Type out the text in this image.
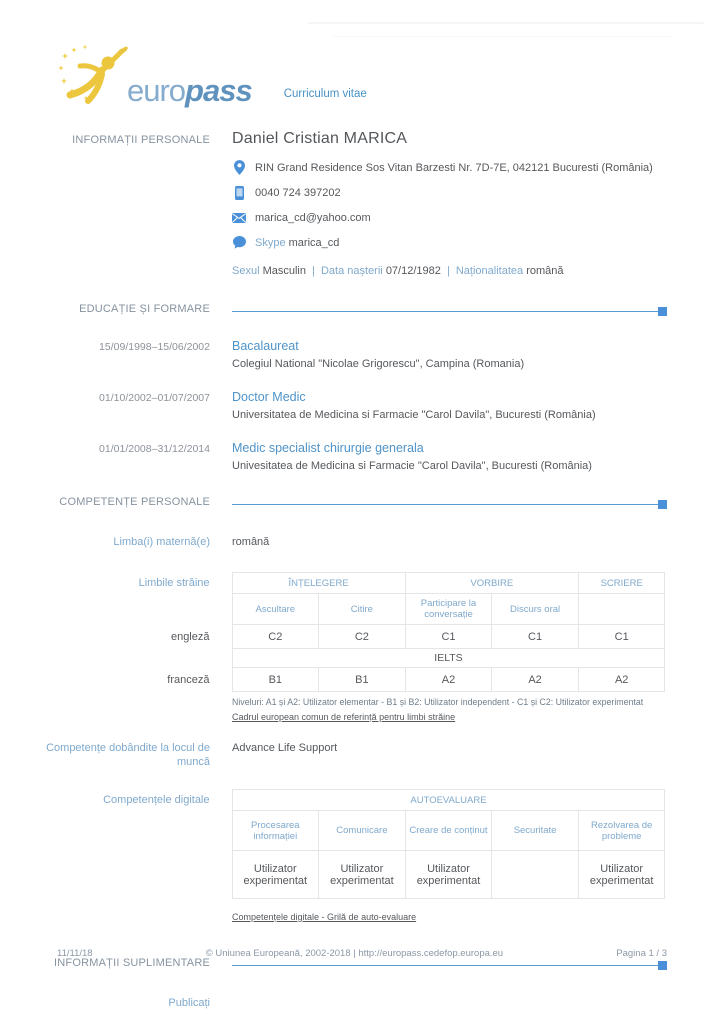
europass	Curriculum vitae
INFORMAȚII PERSONALE Daniel Cristian MARICA
RIN Grand Residence Sos Vitan Barzesti Nr. 7D-7E, 042121 Bucuresti (România)
0040 724 397202
marica_cd@yahoo.com
Skype
marica_cd
Sexul Masculin | Data nașterii 07/12/1982 | Naționalitatea română
EDUCAȚIE ȘI FORMARE
15/09/1998–15/06/2002 Bacalaureat
Colegiul National "Nicolae Grigorescu", Campina (Romania)
01/10/2002–01/07/2007 Doctor Medic
Universitatea de Medicina si Farmacie "Carol Davila", Bucuresti (România)
01/01/2008–31/12/2014 Medic specialist chirurgie generala
Univesitatea de Medicina si Farmacie "Carol Davila", Bucuresti (România)
COMPETENȚE PERSONALE
Limba(i) maternă(e) română
Limbile străine	ÎNȚELEGERE		VORBIRE		SCRIERE
	Ascultare	Citire	Participare la conversație	Discurs oral	
engleză	C2	C2	C1	C1	C1
	IELTS				
franceză	B1	B1	A2	A2	A2
Niveluri: A1 și A2: Utilizator elementar - B1 și B2: Utilizator independent - C1 și C2: Utilizator experimentat
Cadrul european comun de referință pentru limbi străine
Competențe dobândite la locul de muncă
Advance Life Support
Competențele digitale	AUTOEVALUARE				
	Procesarea informației	Comunicare	Creare de conținut	Securitate	Rezolvarea de probleme
	Utilizator experimentat	Utilizator experimentat	Utilizator experimentat		Utilizator experimentat
Competențele digitale - Grilă de auto-evaluare
INFORMAȚII SUPLIMENTARE
Publicați
11/11/18	© Uniunea Europeană, 2002-2018 | http://europass.cedefop.europa.eu	Pagina 1 / 3
